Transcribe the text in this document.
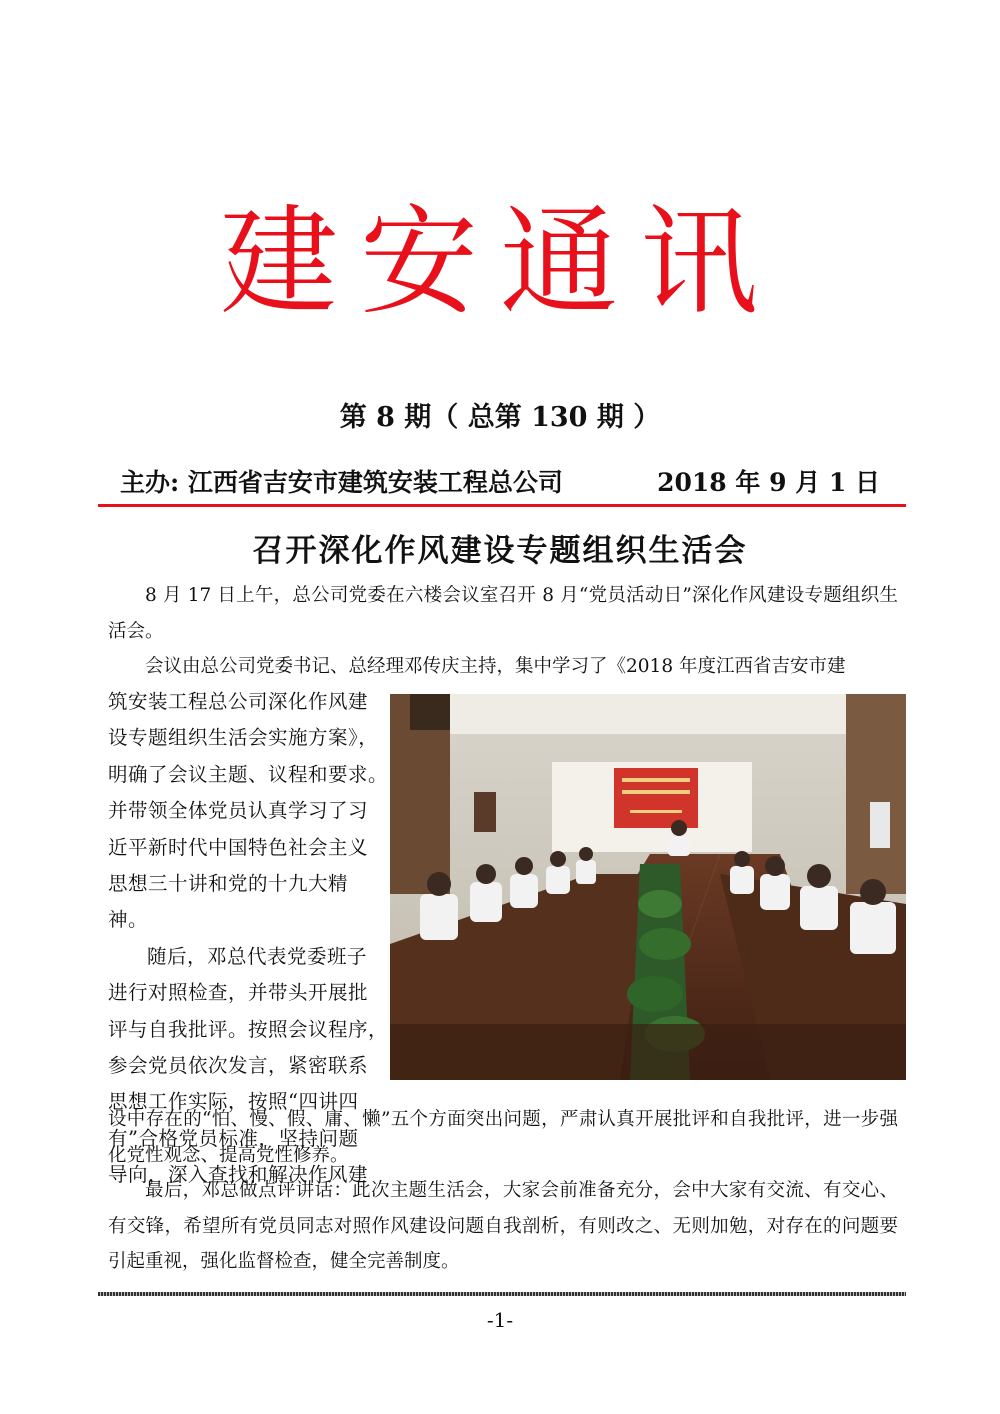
建安通讯
第 8 期（ 总第 130 期 ）
主办: 江西省吉安市建筑安装工程总公司	2018 年 9 月 1 日
召开深化作风建设专题组织生活会

8 月 17 日上午，总公司党委在六楼会议室召开 8 月“党员活动日”深化作风建设专题组织生活会。

会议由总公司党委书记、总经理邓传庆主持，集中学习了《2018 年度江西省吉安市建

筑安装工程总公司深化作风建
设专题组织生活会实施方案》，
明确了会议主题、议程和要求。
并带领全体党员认真学习了习
近平新时代中国特色社会主义
思想三十讲和党的十九大精
神。
随后，邓总代表党委班子
进行对照检查，并带头开展批
评与自我批评。按照会议程序，
参会党员依次发言，紧密联系
思想工作实际，按照“四讲四
有”合格党员标准，坚持问题
导向，深入查找和解决作风建

设中存在的“怕、慢、假、庸、懒”五个方面突出问题，严肃认真开展批评和自我批评，进一步强化党性观念、提高党性修养。

最后，邓总做点评讲话：此次主题生活会，大家会前准备充分，会中大家有交流、有交心、有交锋，希望所有党员同志对照作风建设问题自我剖析，有则改之、无则加勉，对存在的问题要引起重视，强化监督检查，健全完善制度。

-1-
